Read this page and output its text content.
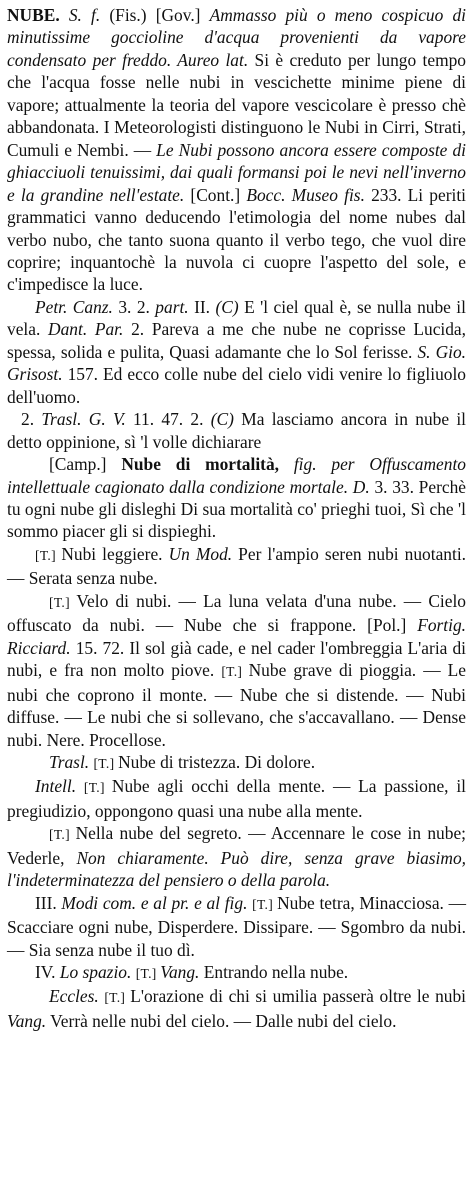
NUBE. S. f. (Fis.) [Gov.] Ammasso più o meno cospicuo di minutissime goccioline d'acqua provenienti da vapore condensato per freddo. Aureo lat. Si è creduto per lungo tempo che l'acqua fosse nelle nubi in vescichette minime piene di vapore; attualmente la teoria del vapore vescicolare è presso chè abbandonata. I Meteorologisti distinguono le Nubi in Cirri, Strati, Cumuli e Nembi. — Le Nubi possono ancora essere composte di ghiacciuoli tenuissimi, dai quali formansi poi le nevi nell'inverno e la grandine nell'estate. [Cont.] Bocc. Museo fis. 233. Li periti grammatici vanno deducendo l'etimologia del nome nubes dal verbo nubo, che tanto suona quanto il verbo tego, che vuol dire coprire; inquantochè la nuvola ci cuopre l'aspetto del sole, e c'impedisce la luce.

Petr. Canz. 3. 2. part. II. (C) E 'l ciel qual è, se nulla nube il vela. Dant. Par. 2. Pareva a me che nube ne coprisse Lucida, spessa, solida e pulita, Quasi adamante che lo Sol ferisse. S. Gio. Grisost. 157. Ed ecco colle nube del cielo vidi venire lo figliuolo dell'uomo.

2. Trasl. G. V. 11. 47. 2. (C) Ma lasciamo ancora in nube il detto oppinione, sì 'l volle dichiarare

[Camp.] Nube di mortalità, fig. per Offuscamento intellettuale cagionato dalla condizione mortale. D. 3. 33. Perchè tu ogni nube gli disleghi Di sua mortalità co' prieghi tuoi, Sì che 'l sommo piacer gli si dispieghi.

[T.] Nubi leggiere. Un Mod. Per l'ampio seren nubi nuotanti. — Serata senza nube.

[T.] Velo di nubi. — La luna velata d'una nube. — Cielo offuscato da nubi. — Nube che si frappone. [Pol.] Fortig. Ricciard. 15. 72. Il sol già cade, e nel cader l'ombreggia L'aria di nubi, e fra non molto piove. [T.] Nube grave di pioggia. — Le nubi che coprono il monte. — Nube che si distende. — Nubi diffuse. — Le nubi che si sollevano, che s'accavallano. — Dense nubi. Nere. Procellose.

Trasl. [T.] Nube di tristezza. Di dolore.

Intell. [T.] Nube agli occhi della mente. — La passione, il pregiudizio, oppongono quasi una nube alla mente.

[T.] Nella nube del segreto. — Accennare le cose in nube; Vederle, Non chiaramente. Può dire, senza grave biasimo, l'indeterminatezza del pensiero o della parola.

III. Modi com. e al pr. e al fig. [T.] Nube tetra, Minacciosa. — Scacciare ogni nube, Disperdere. Dissipare. — Sgombro da nubi. — Sia senza nube il tuo dì.

IV. Lo spazio. [T.] Vang. Entrando nella nube.

Eccles. [T.] L'orazione di chi si umilia passerà oltre le nubi Vang. Verrà nelle nubi del cielo. — Dalle nubi del cielo.
